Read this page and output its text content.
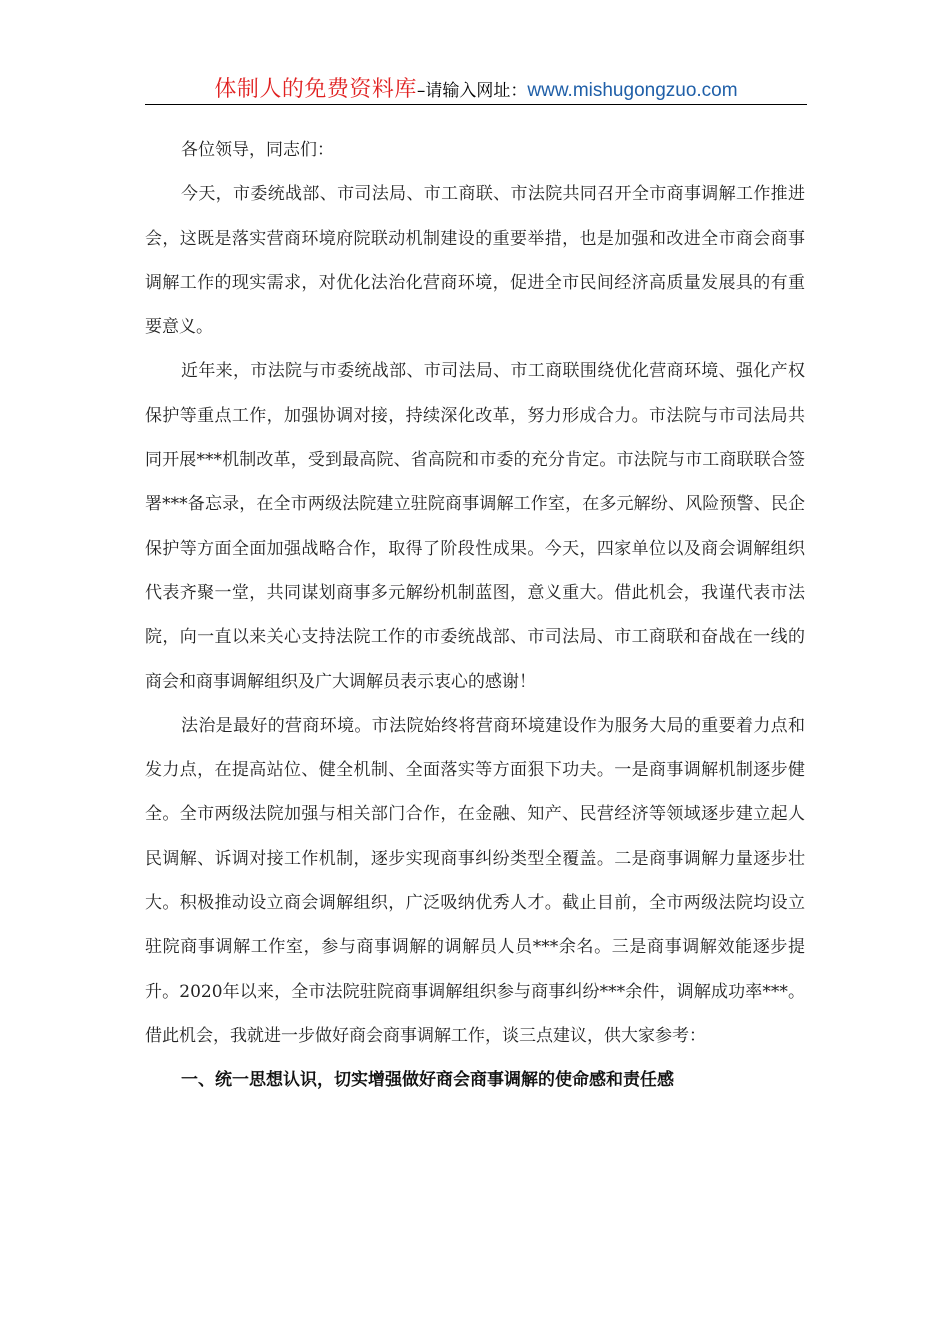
体制人的免费资料库–请输入网址：www.mishugongzuo.com

各位领导，同志们：

今天，市委统战部、市司法局、市工商联、市法院共同召开全市商事调解工作推进会，这既是落实营商环境府院联动机制建设的重要举措，也是加强和改进全市商会商事调解工作的现实需求，对优化法治化营商环境，促进全市民间经济高质量发展具的有重要意义。

近年来，市法院与市委统战部、市司法局、市工商联围绕优化营商环境、强化产权保护等重点工作，加强协调对接，持续深化改革，努力形成合力。市法院与市司法局共同开展***机制改革，受到最高院、省高院和市委的充分肯定。市法院与市工商联联合签署***备忘录，在全市两级法院建立驻院商事调解工作室，在多元解纷、风险预警、民企保护等方面全面加强战略合作，取得了阶段性成果。今天，四家单位以及商会调解组织代表齐聚一堂，共同谋划商事多元解纷机制蓝图，意义重大。借此机会，我谨代表市法院，向一直以来关心支持法院工作的市委统战部、市司法局、市工商联和奋战在一线的商会和商事调解组织及广大调解员表示衷心的感谢！

法治是最好的营商环境。市法院始终将营商环境建设作为服务大局的重要着力点和发力点，在提高站位、健全机制、全面落实等方面狠下功夫。一是商事调解机制逐步健全。全市两级法院加强与相关部门合作，在金融、知产、民营经济等领域逐步建立起人民调解、诉调对接工作机制，逐步实现商事纠纷类型全覆盖。二是商事调解力量逐步壮大。积极推动设立商会调解组织，广泛吸纳优秀人才。截止目前，全市两级法院均设立驻院商事调解工作室，参与商事调解的调解员人员***余名。三是商事调解效能逐步提升。2020年以来，全市法院驻院商事调解组织参与商事纠纷***余件，调解成功率***。借此机会，我就进一步做好商会商事调解工作，谈三点建议，供大家参考：

一、统一思想认识，切实增强做好商会商事调解的使命感和责任感
